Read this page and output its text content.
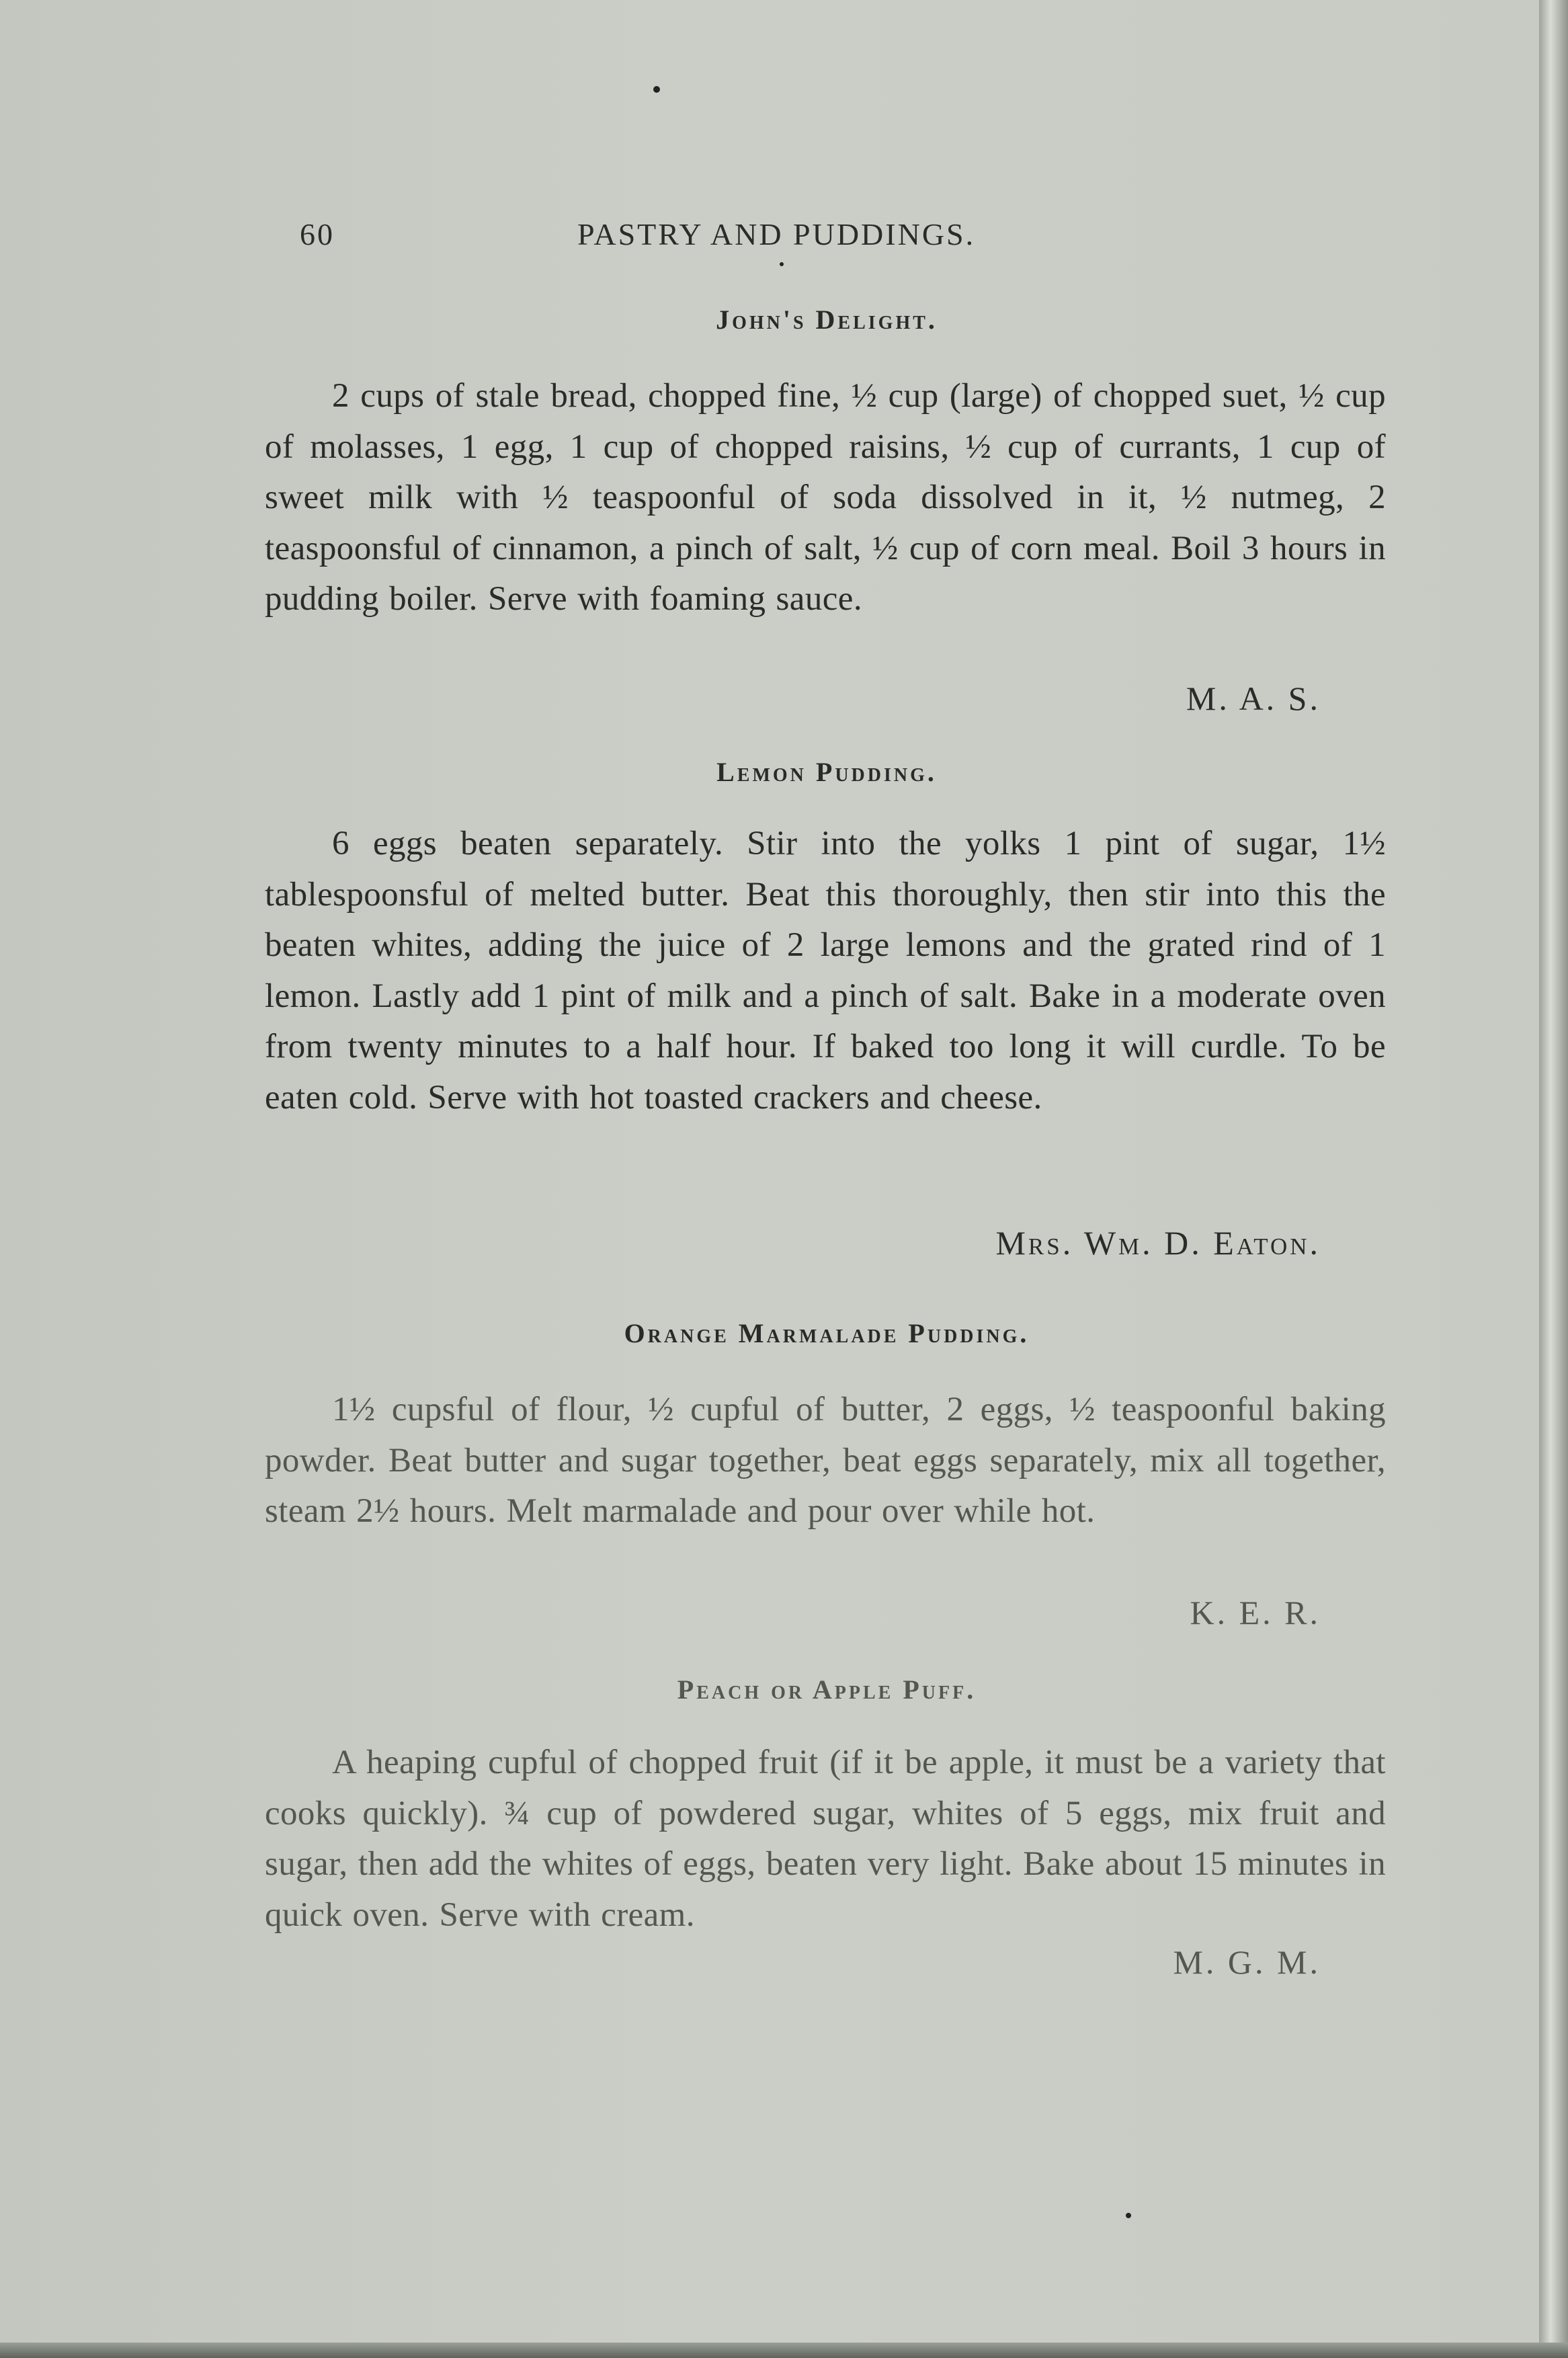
60	PASTRY AND PUDDINGS.
John's Delight.

2 cups of stale bread, chopped fine, ½ cup (large) of chopped suet, ½ cup of molasses, 1 egg, 1 cup of chopped raisins, ½ cup of currants, 1 cup of sweet milk with ½ teaspoonful of soda dissolved in it, ½ nutmeg, 2 teaspoonsful of cinnamon, a pinch of salt, ½ cup of corn meal. Boil 3 hours in pudding boiler. Serve with foaming sauce.

M. A. S.
Lemon Pudding.

6 eggs beaten separately. Stir into the yolks 1 pint of sugar, 1½ tablespoonsful of melted butter. Beat this thoroughly, then stir into this the beaten whites, adding the juice of 2 large lemons and the grated rind of 1 lemon. Lastly add 1 pint of milk and a pinch of salt. Bake in a moderate oven from twenty minutes to a half hour. If baked too long it will curdle. To be eaten cold. Serve with hot toasted crackers and cheese.

Mrs. Wm. D. Eaton.
Orange Marmalade Pudding.

1½ cupsful of flour, ½ cupful of butter, 2 eggs, ½ teaspoonful baking powder. Beat butter and sugar together, beat eggs separately, mix all together, steam 2½ hours. Melt marmalade and pour over while hot.

K. E. R.
Peach or Apple Puff.

A heaping cupful of chopped fruit (if it be apple, it must be a variety that cooks quickly). ¾ cup of powdered sugar, whites of 5 eggs, mix fruit and sugar, then add the whites of eggs, beaten very light. Bake about 15 minutes in quick oven. Serve with cream.

M. G. M.
